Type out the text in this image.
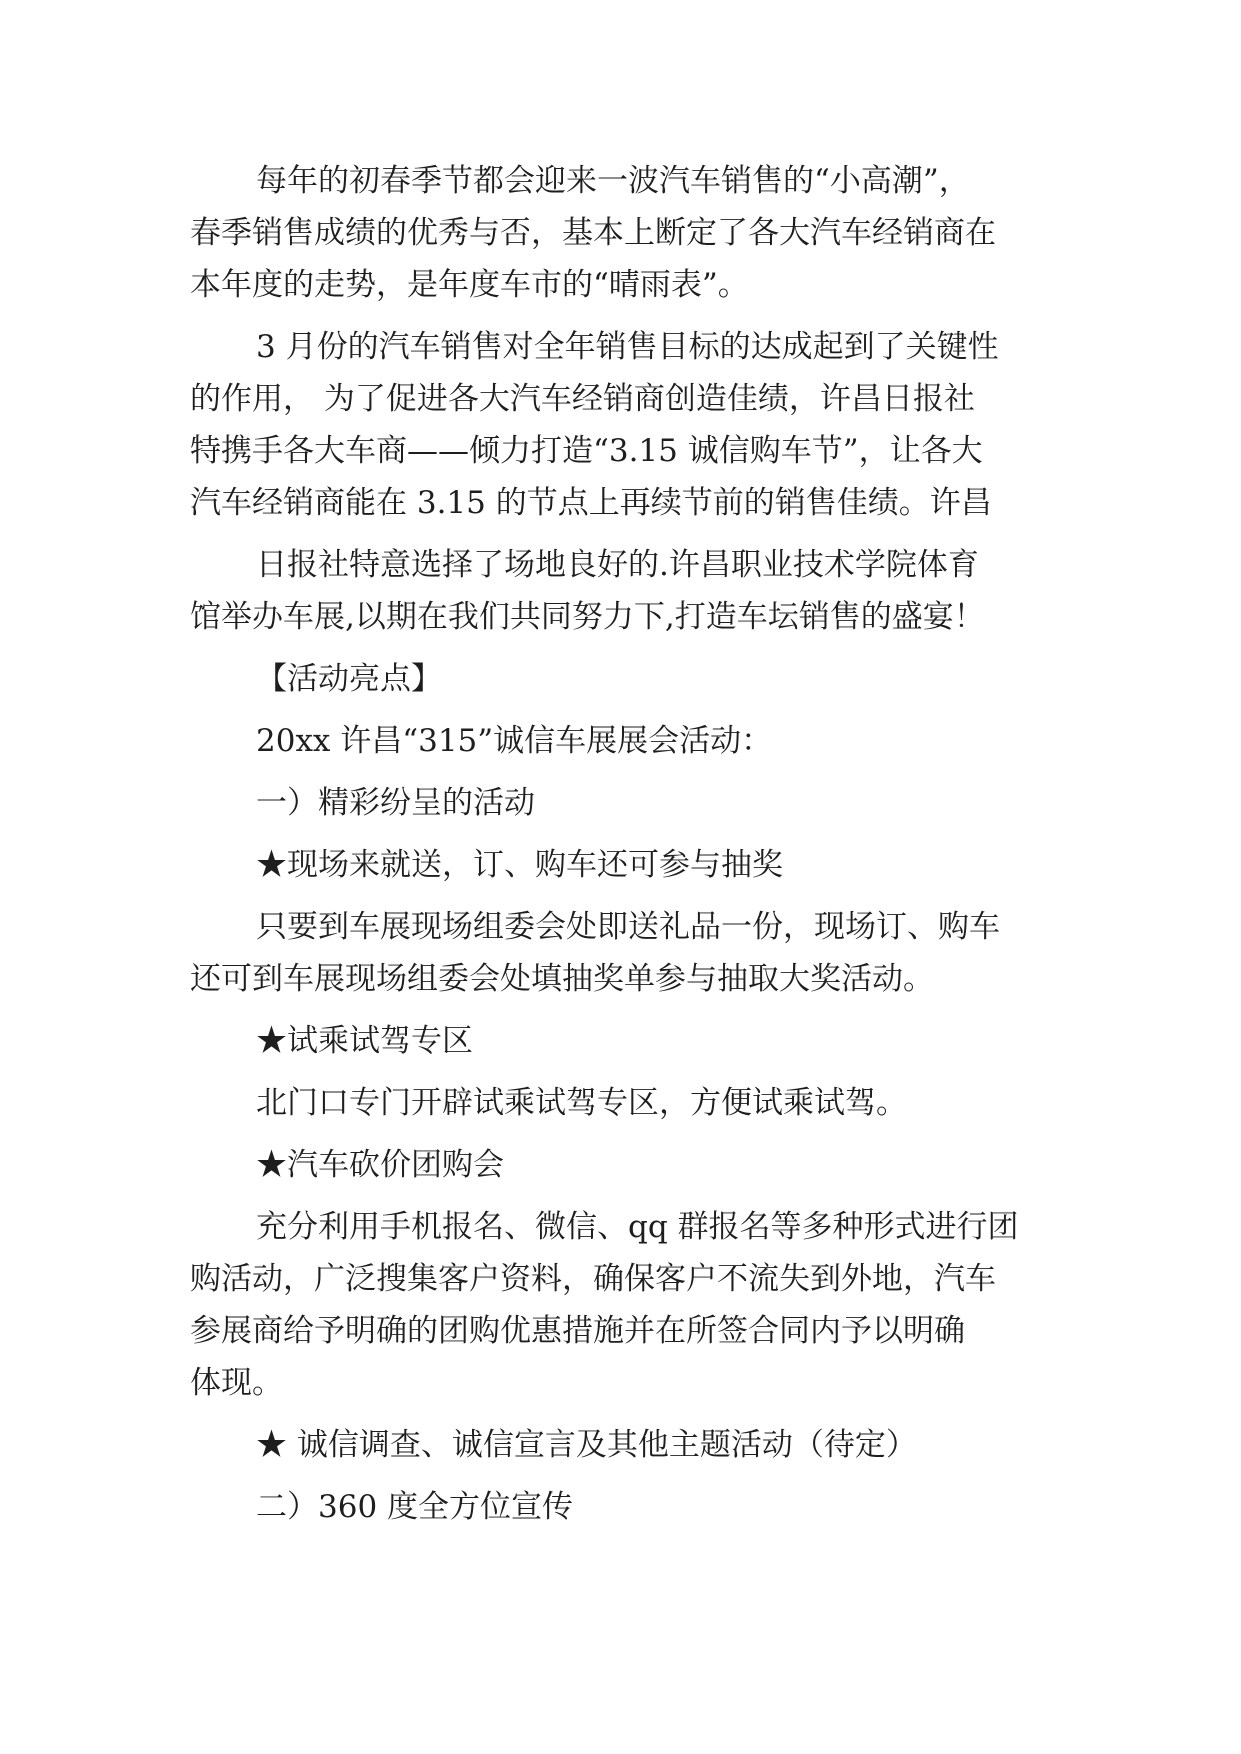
每年的初春季节都会迎来一波汽车销售的“小高潮”，
春季销售成绩的优秀与否，基本上断定了各大汽车经销商在
本年度的走势，是年度车市的“晴雨表”。
3 月份的汽车销售对全年销售目标的达成起到了关键性
的作用， 为了促进各大汽车经销商创造佳绩，许昌日报社
特携手各大车商——倾力打造“3.15 诚信购车节”，让各大
汽车经销商能在 3.15 的节点上再续节前的销售佳绩。许昌
日报社特意选择了场地良好的.许昌职业技术学院体育
馆举办车展,以期在我们共同努力下,打造车坛销售的盛宴！
【活动亮点】
20xx 许昌“315”诚信车展展会活动：
一）精彩纷呈的活动
★现场来就送，订、购车还可参与抽奖
只要到车展现场组委会处即送礼品一份，现场订、购车
还可到车展现场组委会处填抽奖单参与抽取大奖活动。
★试乘试驾专区
北门口专门开辟试乘试驾专区，方便试乘试驾。
★汽车砍价团购会
充分利用手机报名、微信、qq 群报名等多种形式进行团
购活动，广泛搜集客户资料，确保客户不流失到外地，汽车
参展商给予明确的团购优惠措施并在所签合同内予以明确
体现。
★ 诚信调查、诚信宣言及其他主题活动（待定）
二）360 度全方位宣传
